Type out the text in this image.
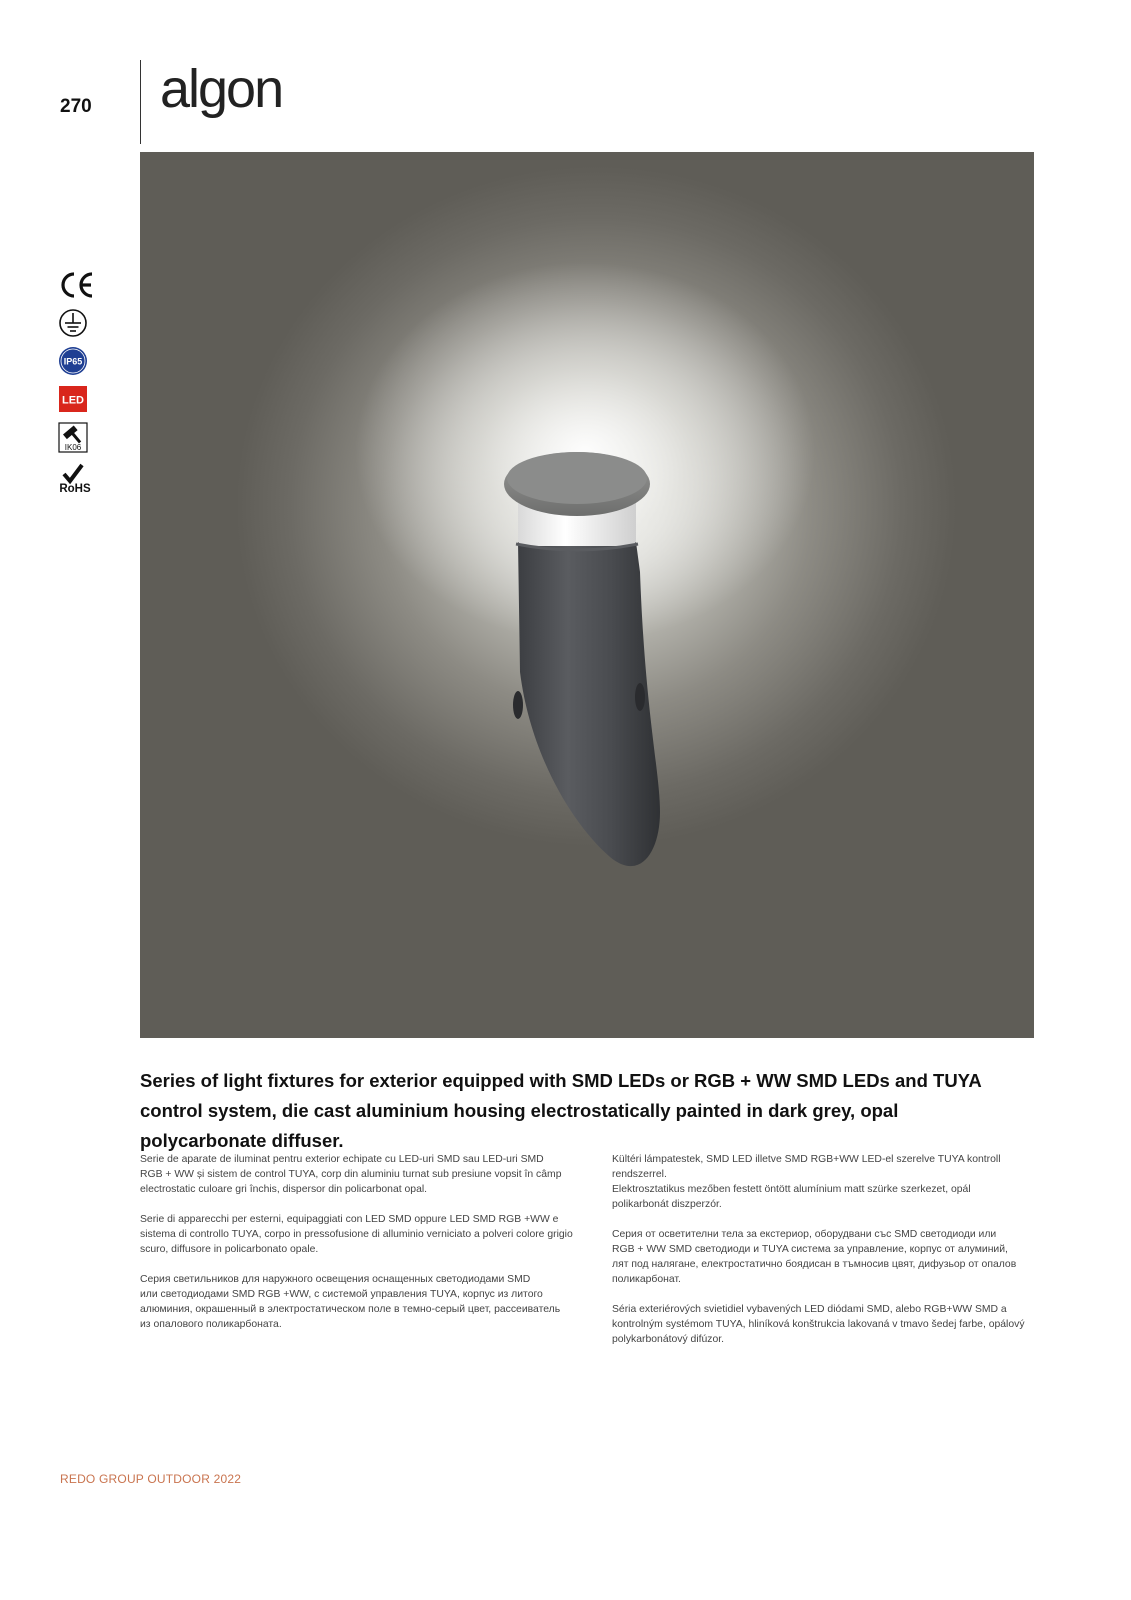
270 algon
IP65
LED
IK06
RoHS
Series of light fixtures for exterior equipped with SMD LEDs or RGB + WW SMD LEDs and TUYA control system, die cast aluminium housing electrostatically painted in dark grey, opal polycarbonate diffuser.

Serie de aparate de iluminat pentru exterior echipate cu LED-uri SMD sau LED-uri SMD
RGB + WW și sistem de control TUYA, corp din aluminiu turnat sub presiune vopsit în câmp
electrostatic culoare gri închis, dispersor din policarbonat opal.

Serie di apparecchi per esterni, equipaggiati con LED SMD oppure LED SMD RGB +WW e
sistema di controllo TUYA, corpo in pressofusione di alluminio verniciato a polveri colore grigio
scuro, diffusore in policarbonato opale.

Серия светильников для наружного освещения оснащенных светодиодами SMD
или светодиодами SMD RGB +WW, с системой управления TUYA, корпус из литого
алюминия, окрашенный в электростатическом поле в темно-серый цвет, рассеиватель
из опалового поликарбоната.

Kültéri lámpatestek, SMD LED illetve SMD RGB+WW LED-el szerelve TUYA kontroll
rendszerrel.
Elektrosztatikus mezőben festett öntött alumínium matt szürke szerkezet, opál
polikarbonát diszperzór.

Серия от осветителни тела за екстериор, оборудвани със SMD светодиоди или
RGB + WW SMD светодиоди и TUYA система за управление, корпус от алуминий,
лят под налягане, електростатично боядисан в тъмносив цвят, дифузьор от опалов
поликарбонат.

Séria exteriérových svietidiel vybavených LED diódami SMD, alebo RGB+WW SMD a
kontrolným systémom TUYA, hliníková konštrukcia lakovaná v tmavo šedej farbe, opálový
polykarbonátový difúzor.

REDO GROUP OUTDOOR 2022
